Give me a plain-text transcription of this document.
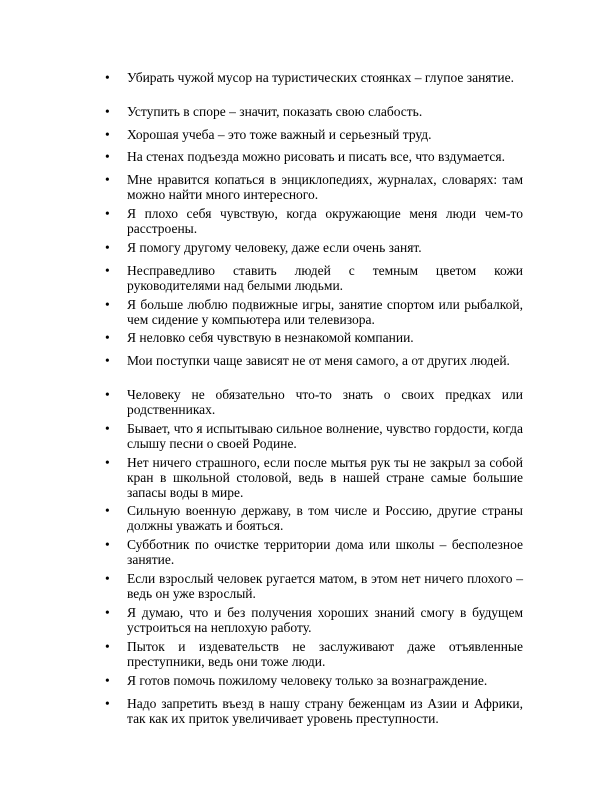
• Убирать чужой мусор на туристических стоянках – глупое занятие.
• Уступить в споре – значит, показать свою слабость.
• Хорошая учеба – это тоже важный и серьезный труд.
• На стенах подъезда можно рисовать и писать все, что вздумается.
• Мне нравится копаться в энциклопедиях, журналах, словарях: там можно найти много интересного.
• Я плохо себя чувствую, когда окружающие меня люди чем-то расстроены.
• Я помогу другому человеку, даже если очень занят.
• Несправедливо ставить людей с темным цветом кожи руководителями над белыми людьми.
• Я больше люблю подвижные игры, занятие спортом или рыбалкой, чем сидение у компьютера или телевизора.
• Я неловко себя чувствую в незнакомой компании.
• Мои поступки чаще зависят не от меня самого, а от других людей.
• Человеку не обязательно что-то знать о своих предках или родственниках.
• Бывает, что я испытываю сильное волнение, чувство гордости, когда слышу песни о своей Родине.
• Нет ничего страшного, если после мытья рук ты не закрыл за собой кран в школьной столовой, ведь в нашей стране самые большие запасы воды в мире.
• Сильную военную державу, в том числе и Россию, другие страны должны уважать и бояться.
• Субботник по очистке территории дома или школы – бесполезное занятие.
• Если взрослый человек ругается матом, в этом нет ничего плохого – ведь он уже взрослый.
• Я думаю, что и без получения хороших знаний смогу в будущем устроиться на неплохую работу.
• Пыток и издевательств не заслуживают даже отъявленные преступники, ведь они тоже люди.
• Я готов помочь пожилому человеку только за вознаграждение.
• Надо запретить въезд в нашу страну беженцам из Азии и Африки, так как их приток увеличивает уровень преступности.
